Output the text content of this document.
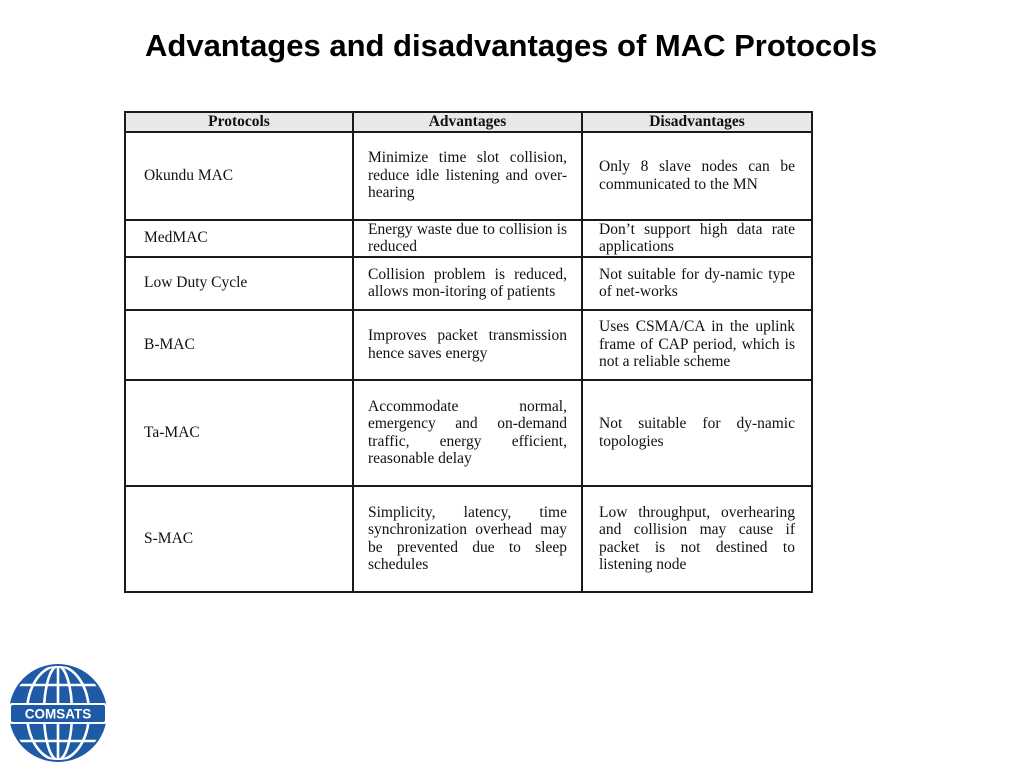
Advantages and disadvantages of MAC Protocols
Protocols	Advantages	Disadvantages
Okundu MAC	Minimize time slot collision, reduce idle listening and over-hearing	Only 8 slave nodes can be communicated to the MN
MedMAC	Energy waste due to collision is reduced	Don’t support high data rate applications
Low Duty Cycle	Collision problem is reduced, allows mon-itoring of patients	Not suitable for dy-namic type of net-works
B-MAC	Improves packet transmission hence saves energy	Uses CSMA/CA in the uplink frame of CAP period, which is not a reliable scheme
Ta-MAC	Accommodate normal, emergency and on-demand traffic, energy efficient, reasonable delay	Not suitable for dy-namic topologies
S-MAC	Simplicity, latency, time synchronization overhead may be prevented due to sleep schedules	Low throughput, overhearing and collision may cause if packet is not destined to listening node
COMSATS
